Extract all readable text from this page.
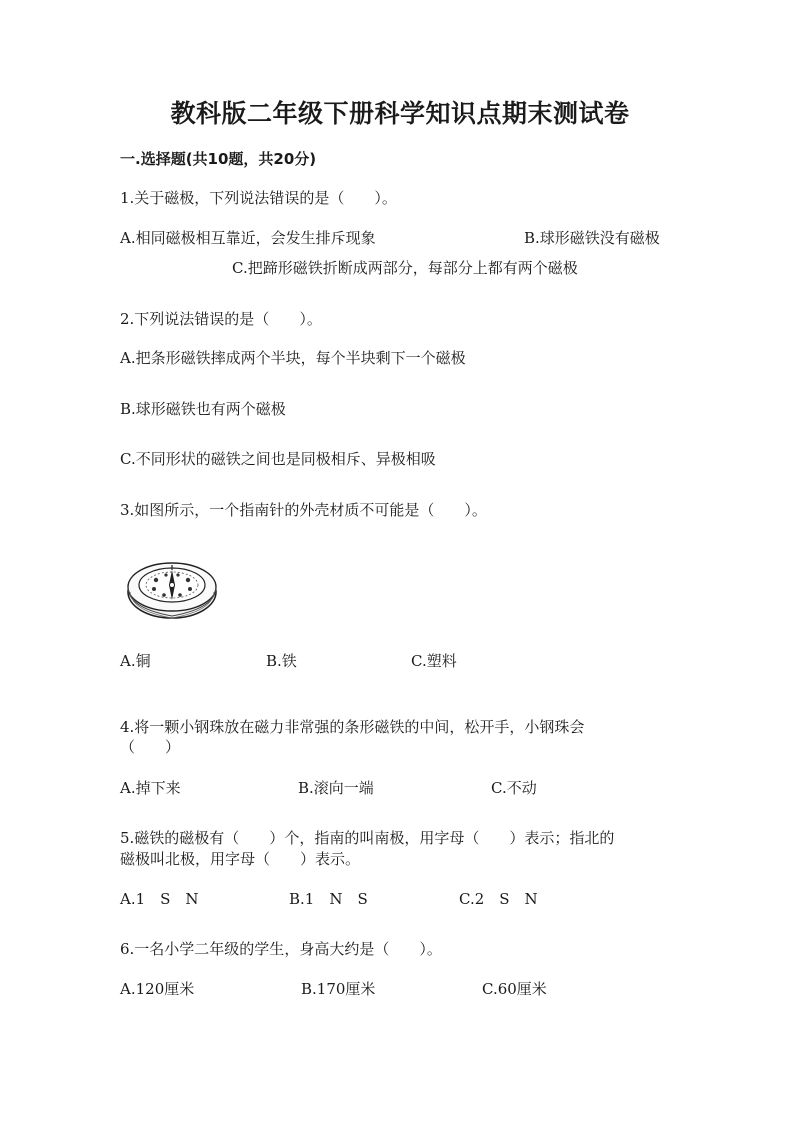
教科版二年级下册科学知识点期末测试卷
一.选择题(共10题，共20分)
1.关于磁极，下列说法错误的是（　　）。
A.相同磁极相互靠近，会发生排斥现象	B.球形磁铁没有磁极
C.把蹄形磁铁折断成两部分，每部分上都有两个磁极
2.下列说法错误的是（　　）。
A.把条形磁铁摔成两个半块，每个半块剩下一个磁极
B.球形磁铁也有两个磁极
C.不同形状的磁铁之间也是同极相斥、异极相吸
3.如图所示，一个指南针的外壳材质不可能是（　　）。
A.铜	B.铁	C.塑料
4.将一颗小钢珠放在磁力非常强的条形磁铁的中间，松开手，小钢珠会
（　　）
A.掉下来	B.滚向一端	C.不动
5.磁铁的磁极有（　　）个，指南的叫南极，用字母（　　）表示；指北的
磁极叫北极，用字母（　　）表示。
A.1　S　N	B.1　N　S	C.2　S　N
6.一名小学二年级的学生，身高大约是（　　）。
A.120厘米	B.170厘米	C.60厘米
